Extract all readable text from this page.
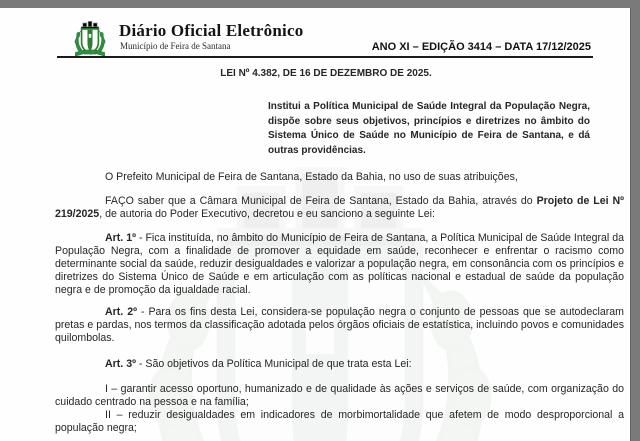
Diário Oficial Eletrônico
Município de Feira de Santana	ANO XI – EDIÇÃO 3414 – DATA 17/12/2025

LEI Nº 4.382, DE 16 DE DEZEMBRO DE 2025.

Institui a Política Municipal de Saúde Integral da População Negra, dispõe sobre seus objetivos, princípios e diretrizes no âmbito do Sistema Único de Saúde no Município de Feira de Santana, e dá outras providências.

O Prefeito Municipal de Feira de Santana, Estado da Bahia, no uso de suas atribuições,

FAÇO saber que a Câmara Municipal de Feira de Santana, Estado da Bahia, através do Projeto de Lei Nº 219/2025, de autoria do Poder Executivo, decretou e eu sanciono a seguinte Lei:

Art. 1º - Fica instituída, no âmbito do Município de Feira de Santana, a Política Municipal de Saúde Integral da População Negra, com a finalidade de promover a equidade em saúde, reconhecer e enfrentar o racismo como determinante social da saúde, reduzir desigualdades e valorizar a população negra, em consonância com os princípios e diretrizes do Sistema Único de Saúde e em articulação com as políticas nacional e estadual de saúde da população negra e de promoção da igualdade racial.

Art. 2º - Para os fins desta Lei, considera-se população negra o conjunto de pessoas que se autodeclaram pretas e pardas, nos termos da classificação adotada pelos órgãos oficiais de estatística, incluindo povos e comunidades quilombolas.

Art. 3º - São objetivos da Política Municipal de que trata esta Lei:

I – garantir acesso oportuno, humanizado e de qualidade às ações e serviços de saúde, com organização do cuidado centrado na pessoa e na família;

II – reduzir desigualdades em indicadores de morbimortalidade que afetem de modo desproporcional a população negra;
